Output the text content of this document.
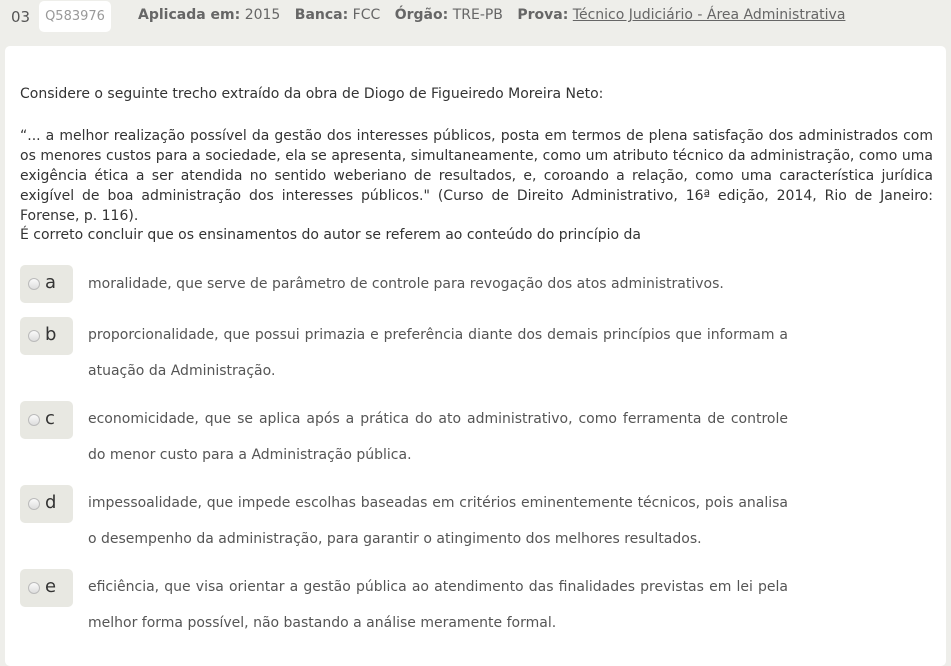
03	Q583976	Aplicada em: 2015 Banca: FCC Órgão: TRE-PB Prova: Técnico Judiciário - Área Administrativa
Considere o seguinte trecho extraído da obra de Diogo de Figueiredo Moreira Neto:
“... a melhor realização possível da gestão dos interesses públicos, posta em termos de plena satisfação dos administrados com os menores custos para a sociedade, ela se apresenta, simultaneamente, como um atributo técnico da administração, como uma exigência ética a ser atendida no sentido weberiano de resultados, e, coroando a relação, como uma característica jurídica exigível de boa administração dos interesses públicos." (Curso de Direito Administrativo, 16ª edição, 2014, Rio de Janeiro: Forense, p. 116).
É correto concluir que os ensinamentos do autor se referem ao conteúdo do princípio da
a moralidade, que serve de parâmetro de controle para revogação dos atos administrativos.
b proporcionalidade, que possui primazia e preferência diante dos demais princípios que informam a atuação da Administração.
c economicidade, que se aplica após a prática do ato administrativo, como ferramenta de controle do menor custo para a Administração pública.
d impessoalidade, que impede escolhas baseadas em critérios eminentemente técnicos, pois analisa o desempenho da administração, para garantir o atingimento dos melhores resultados.
e eficiência, que visa orientar a gestão pública ao atendimento das finalidades previstas em lei pela melhor forma possível, não bastando a análise meramente formal.
